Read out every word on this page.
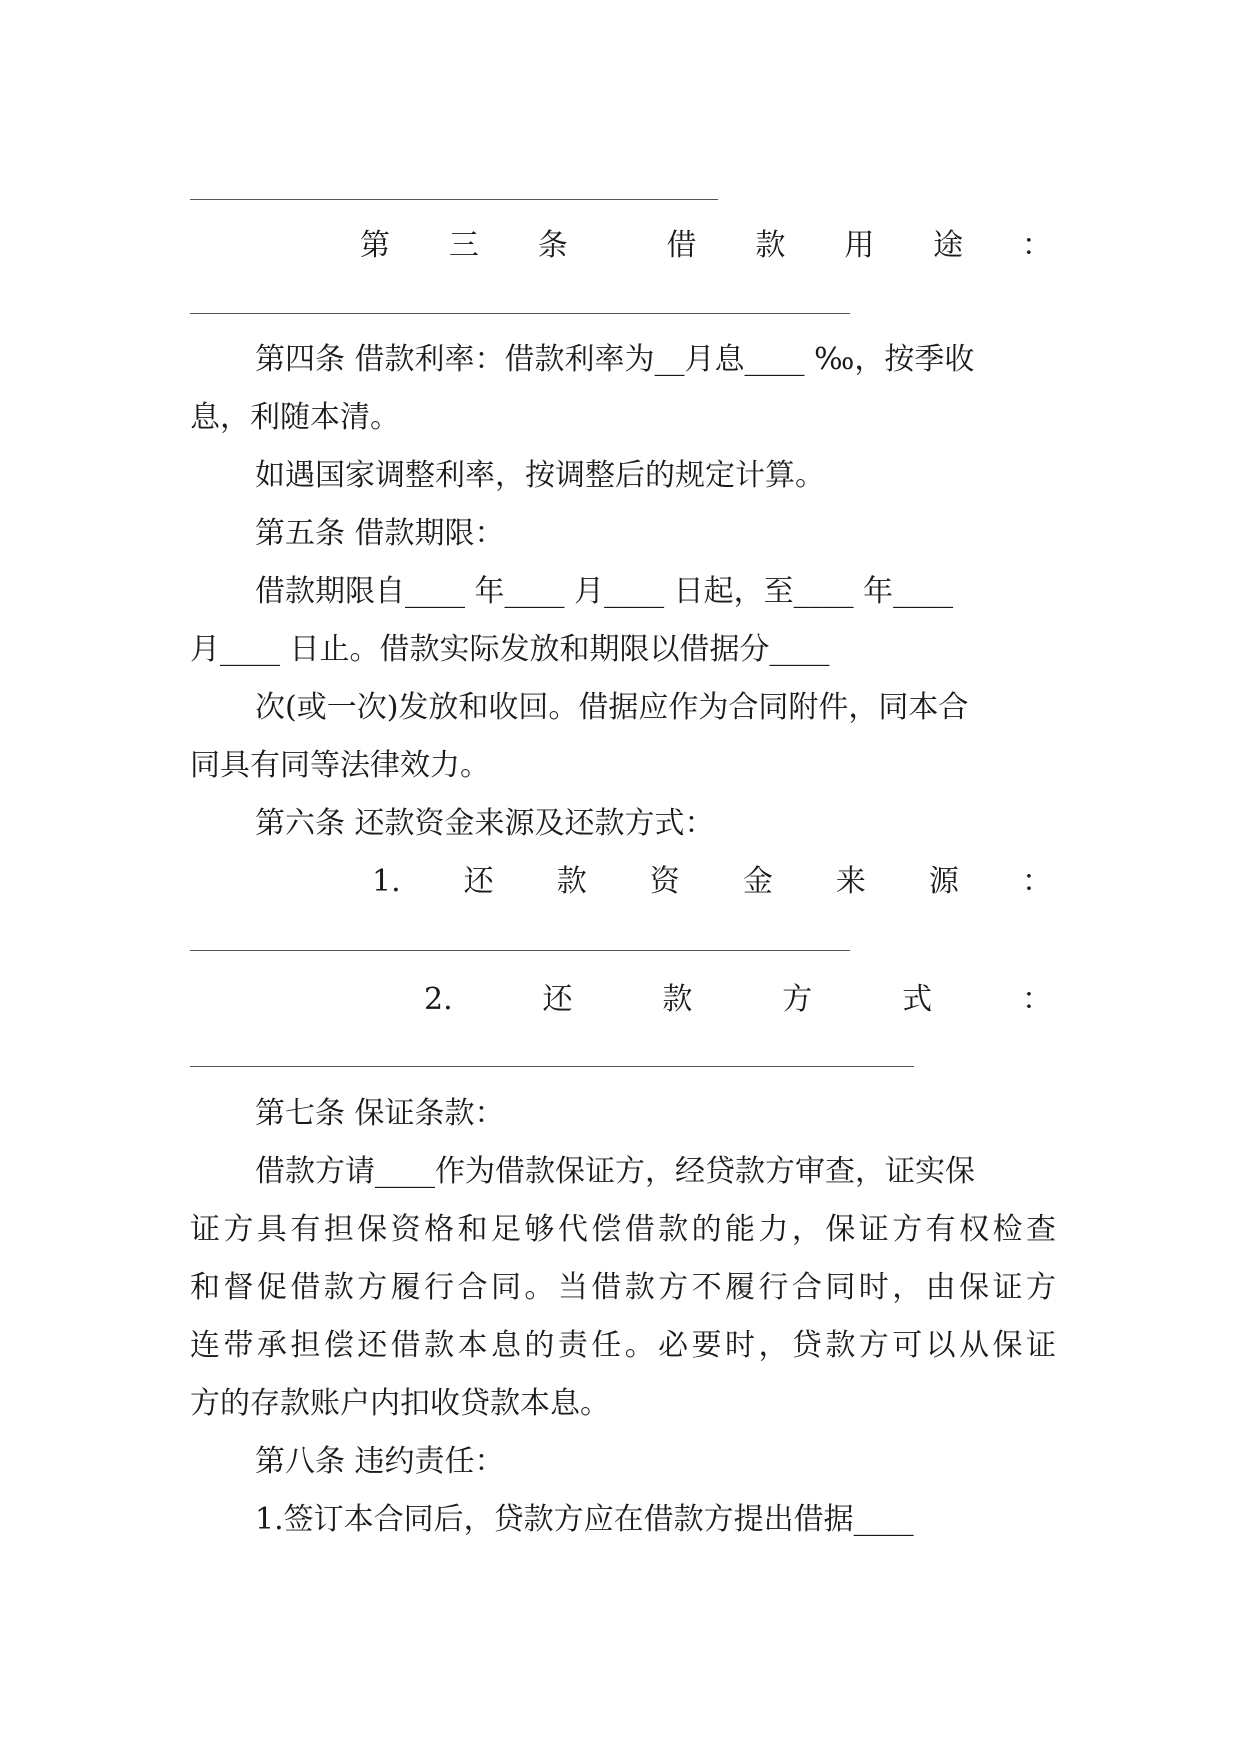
第 三 条	借 款 用 途 ：
第四条 借款利率：借款利率为__月息____ ‰，按季收
息，利随本清。
如遇国家调整利率，按调整后的规定计算。
第五条 借款期限：
借款期限自____ 年____ 月____ 日起，至____ 年____
月____ 日止。借款实际发放和期限以借据分____
次(或一次)发放和收回。借据应作为合同附件，同本合
同具有同等法律效力。
第六条 还款资金来源及还款方式：
1. 还 款 资 金 来 源 ：
2.	还	款	方	式	：
第七条 保证条款：
借款方请____作为借款保证方，经贷款方审查，证实保
证方具有担保资格和足够代偿借款的能力，保证方有权检查
和督促借款方履行合同。当借款方不履行合同时，由保证方
连带承担偿还借款本息的责任。必要时，贷款方可以从保证
方的存款账户内扣收贷款本息。
第八条 违约责任：
1.签订本合同后，贷款方应在借款方提出借据____
